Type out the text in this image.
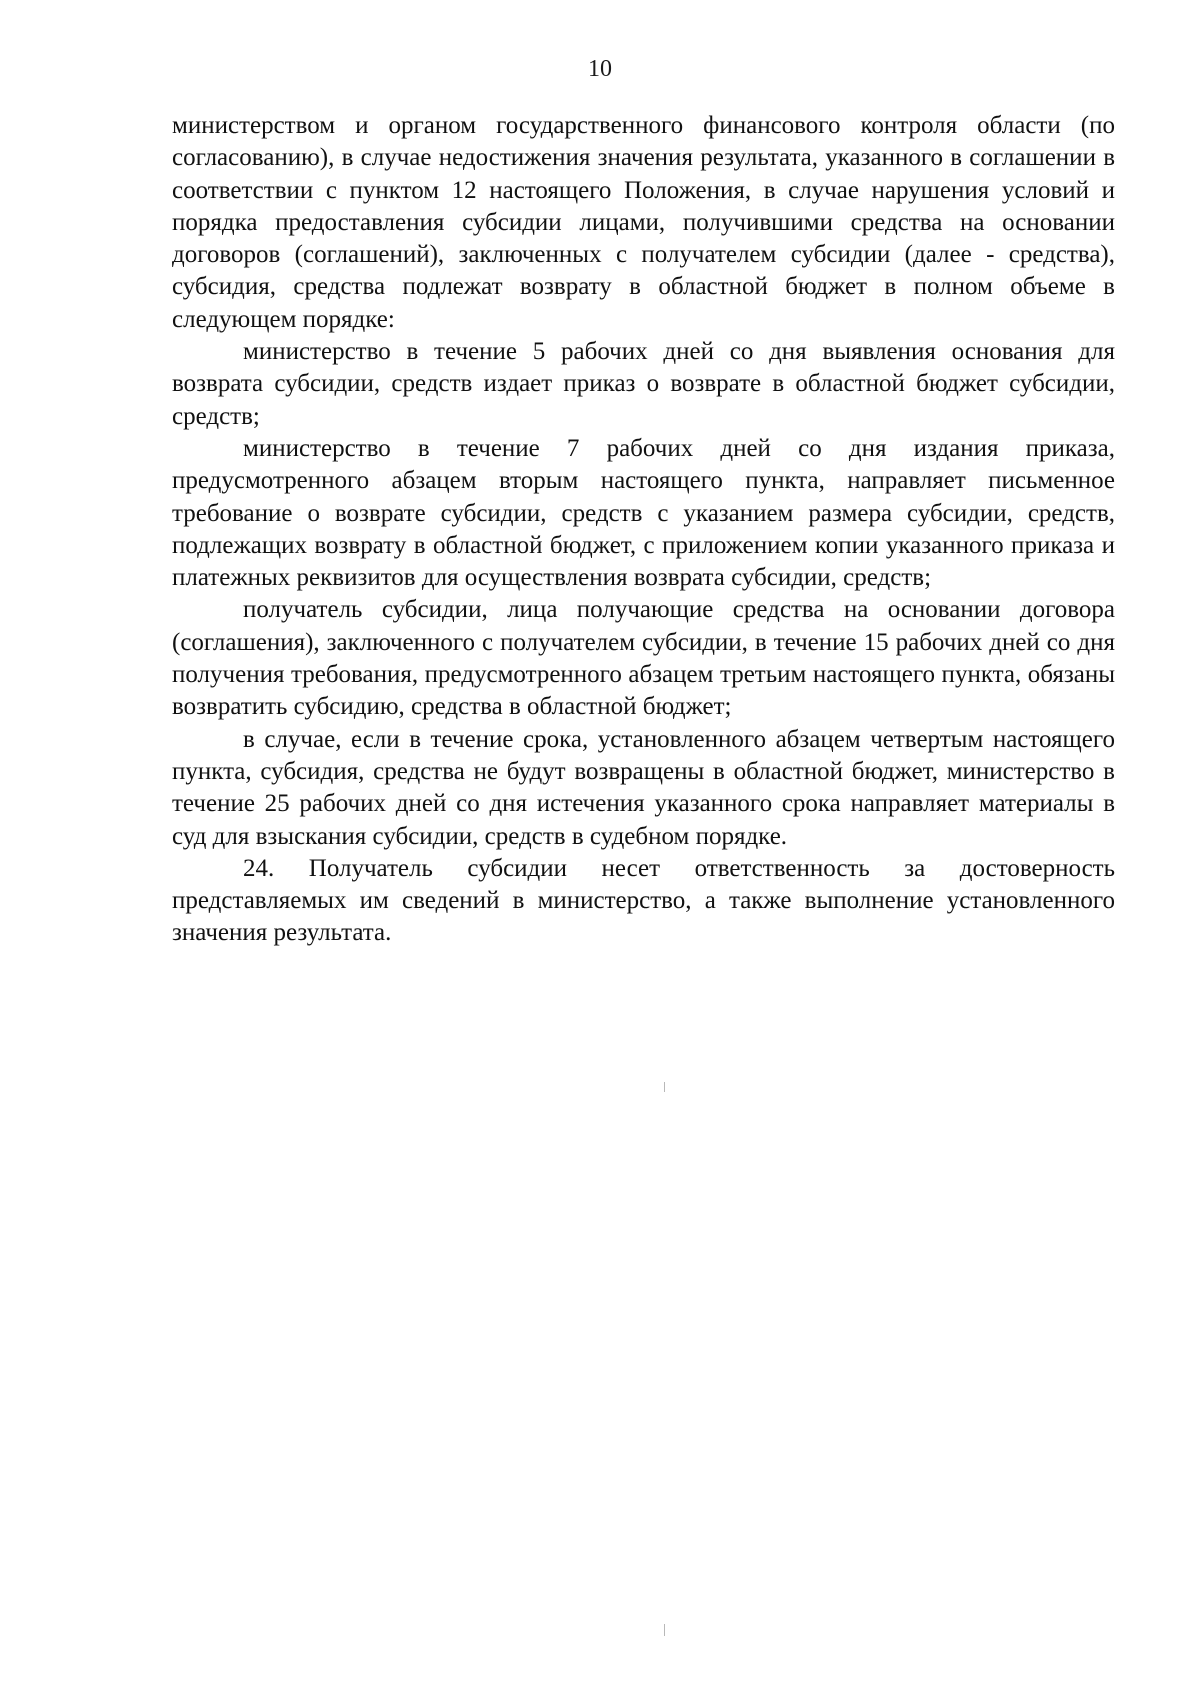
10

министерством и органом государственного финансового контроля области (по согласованию), в случае недостижения значения результата, указанного в соглашении в соответствии с пунктом 12 настоящего Положения, в случае нарушения условий и порядка предоставления субсидии лицами, получившими средства на основании договоров (соглашений), заключенных с получателем субсидии (далее - средства), субсидия, средства подлежат возврату в областной бюджет в полном объеме в следующем порядке:

министерство в течение 5 рабочих дней со дня выявления основания для возврата субсидии, средств издает приказ о возврате в областной бюджет субсидии, средств;

министерство в течение 7 рабочих дней со дня издания приказа, предусмотренного абзацем вторым настоящего пункта, направляет письменное требование о возврате субсидии, средств с указанием размера субсидии, средств, подлежащих возврату в областной бюджет, с приложением копии указанного приказа и платежных реквизитов для осуществления возврата субсидии, средств;

получатель субсидии, лица получающие средства на основании договора (соглашения), заключенного с получателем субсидии, в течение 15 рабочих дней со дня получения требования, предусмотренного абзацем третьим настоящего пункта, обязаны возвратить субсидию, средства в областной бюджет;

в случае, если в течение срока, установленного абзацем четвертым настоящего пункта, субсидия, средства не будут возвращены в областной бюджет, министерство в течение 25 рабочих дней со дня истечения указанного срока направляет материалы в суд для взыскания субсидии, средств в судебном порядке.

24. Получатель субсидии несет ответственность за достоверность представляемых им сведений в министерство, а также выполнение установленного значения результата.
